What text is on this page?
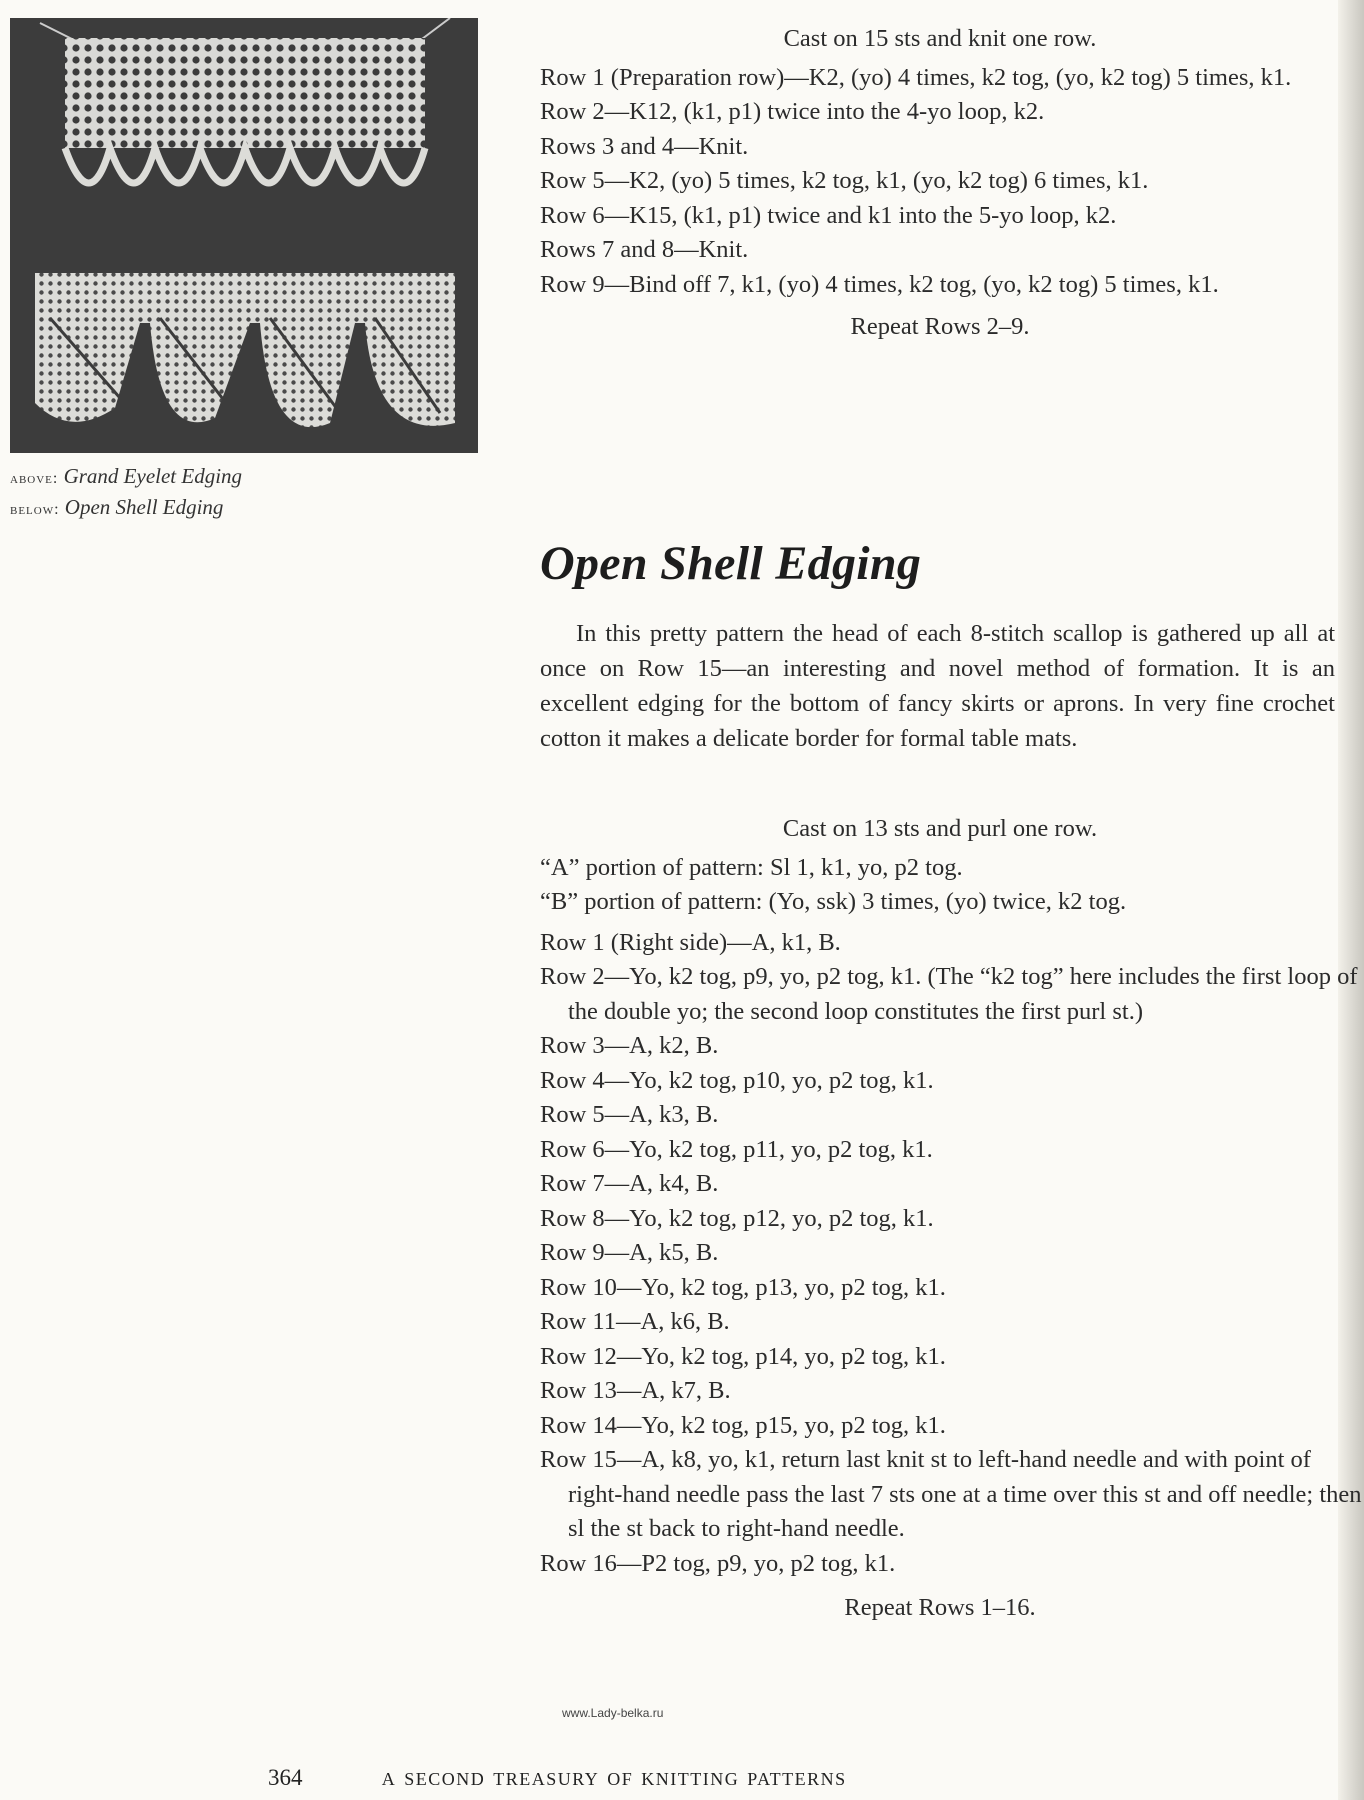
above: Grand Eyelet Edging
below: Open Shell Edging
Cast on 15 sts and knit one row.
Row 1 (Preparation row)—K2, (yo) 4 times, k2 tog, (yo, k2 tog) 5 times, k1.
Row 2—K12, (k1, p1) twice into the 4-yo loop, k2.
Rows 3 and 4—Knit.
Row 5—K2, (yo) 5 times, k2 tog, k1, (yo, k2 tog) 6 times, k1.
Row 6—K15, (k1, p1) twice and k1 into the 5-yo loop, k2.
Rows 7 and 8—Knit.
Row 9—Bind off 7, k1, (yo) 4 times, k2 tog, (yo, k2 tog) 5 times, k1.
Repeat Rows 2–9.
Open Shell Edging
In this pretty pattern the head of each 8-stitch scallop is gathered up all at once on Row 15—an interesting and novel method of formation. It is an excellent edging for the bottom of fancy skirts or aprons. In very fine crochet cotton it makes a delicate border for formal table mats.
Cast on 13 sts and purl one row.
“A” portion of pattern: Sl 1, k1, yo, p2 tog.
“B” portion of pattern: (Yo, ssk) 3 times, (yo) twice, k2 tog.
Row 1 (Right side)—A, k1, B.
Row 2—Yo, k2 tog, p9, yo, p2 tog, k1. (The “k2 tog” here includes the first loop of the double yo; the second loop constitutes the first purl st.)
Row 3—A, k2, B.
Row 4—Yo, k2 tog, p10, yo, p2 tog, k1.
Row 5—A, k3, B.
Row 6—Yo, k2 tog, p11, yo, p2 tog, k1.
Row 7—A, k4, B.
Row 8—Yo, k2 tog, p12, yo, p2 tog, k1.
Row 9—A, k5, B.
Row 10—Yo, k2 tog, p13, yo, p2 tog, k1.
Row 11—A, k6, B.
Row 12—Yo, k2 tog, p14, yo, p2 tog, k1.
Row 13—A, k7, B.
Row 14—Yo, k2 tog, p15, yo, p2 tog, k1.
Row 15—A, k8, yo, k1, return last knit st to left-hand needle and with point of right-hand needle pass the last 7 sts one at a time over this st and off needle; then sl the st back to right-hand needle.
Row 16—P2 tog, p9, yo, p2 tog, k1.
Repeat Rows 1–16.
www.Lady-belka.ru
364	a second treasury of knitting patterns
